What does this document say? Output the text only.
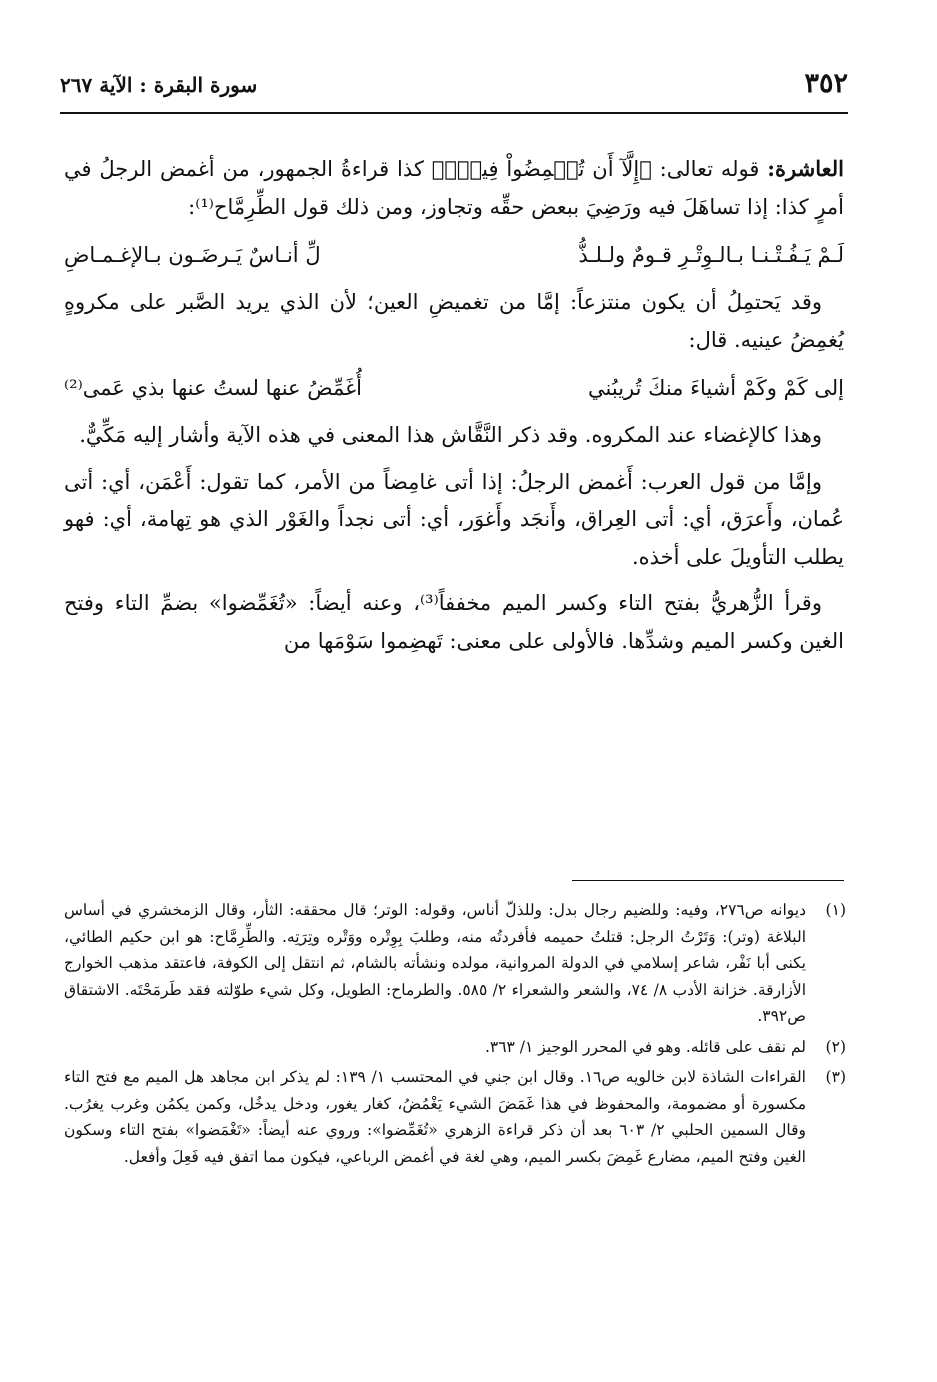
٣٥٢
سورة البقرة : الآية ٢٦٧

العاشرة: قوله تعالى: ﴿إِلَّآ أَن تُغۡمِضُواْ فِيهِۚ﴾ كذا قراءةُ الجمهور، من أغمض الرجلُ في أمرٍ كذا: إذا تساهَلَ فيه ورَضِيَ ببعض حقِّه وتجاوز، ومن ذلك قول الطِّرِمَّاح⁽¹⁾:

لَـمْ يَـفُـتْـنـا بـالـوِتْـرِ قـومٌ ولـلـذُّ
لِّ أنـاسٌ يَـرضَـون بـالإغـمـاضِ

وقد يَحتمِلُ أن يكون منتزعاً: إمَّا من تغميضِ العين؛ لأن الذي يريد الصَّبر على مكروهٍ يُغمِضُ عينيه. قال:

إلى كَمْ وكَمْ أشياءَ منكَ تُريبُني
أُغَمِّضُ عنها لستُ عنها بذي عَمى⁽²⁾

وهذا كالإغضاء عند المكروه. وقد ذكر النَّقَّاش هذا المعنى في هذه الآية وأشار إليه مَكِّيٌّ.

وإمَّا من قول العرب: أَغمض الرجلُ: إذا أتى غامِضاً من الأمر، كما تقول: أَعْمَن، أي: أتى عُمان، وأَعرَق، أي: أتى العِراق، وأَنجَد وأَغوَر، أي: أتى نجداً والغَوْر الذي هو تِهامة، أي: فهو يطلب التأويلَ على أخذه.

وقرأ الزُّهريُّ بفتح التاء وكسر الميم مخففاً⁽³⁾، وعنه أيضاً: «تُغَمِّضوا» بضمِّ التاء وفتح الغين وكسر الميم وشدِّها. فالأولى على معنى: تَهضِموا سَوْمَها من

(١)
ديوانه ص٢٧٦، وفيه: وللضيم رجال بدل: وللذلّ أناس، وقوله: الوتر؛ قال محققه: الثأر، وقال الزمخشري في أساس البلاغة (وتر): وَتَرْتُ الرجل: قتلتُ حميمه فأفردتُه منه، وطلبَ بِوِتْره ووَتْره وتِرَتِه. والطِّرِمَّاح: هو ابن حكيم الطائي، يكنى أبا نَفْر، شاعر إسلامي في الدولة المروانية، مولده ونشأته بالشام، ثم انتقل إلى الكوفة، فاعتقد مذهب الخوارج الأزارقة. خزانة الأدب ٨/ ٧٤، والشعر والشعراء ٢/ ٥٨٥. والطرماح: الطويل، وكل شيء طوّلته فقد طَرمَحْتَه. الاشتقاق ص٣٩٢.
(٢)
لم نقف على قائله. وهو في المحرر الوجيز ١/ ٣٦٣.
(٣)
القراءات الشاذة لابن خالويه ص١٦. وقال ابن جني في المحتسب ١/ ١٣٩: لم يذكر ابن مجاهد هل الميم مع فتح التاء مكسورة أو مضمومة، والمحفوظ في هذا غَمَضَ الشيء يَغْمُضُ، كغار يغور، ودخل يدخُل، وكمن يكمُن وغرب يغرُب. وقال السمين الحلبي ٢/ ٦٠٣ بعد أن ذكر قراءة الزهري «تُغَمِّضوا»: وروي عنه أيضاً: «تَغْمَضوا» بفتح التاء وسكون الغين وفتح الميم، مضارع غَمِضَ بكسر الميم، وهي لغة في أغمض الرباعي، فيكون مما اتفق فيه فَعِلَ وأفعل.
